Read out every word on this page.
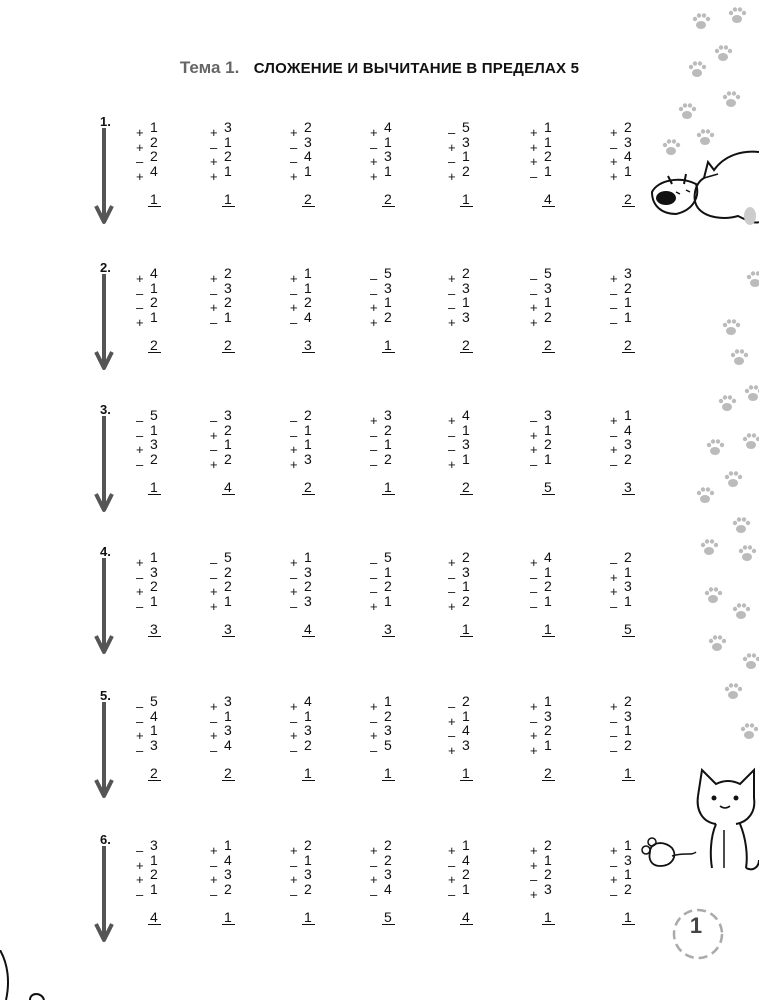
Тема 1. СЛОЖЕНИЕ И ВЫЧИТАНИЕ В ПРЕДЕЛАХ 5
1.
+ 1
+ 2
– 2
+ 4
1
+ 3
– 1
+ 2
+ 1
1
+ 2
– 3
– 4
+ 1
2
+ 4
– 1
+ 3
+ 1
2
– 5
+ 3
– 1
+ 2
1
+ 1
+ 1
+ 2
– 1
4
+ 2
– 3
+ 4
+ 1
2
2.
+ 4
– 1
– 2
+ 1
2
+ 2
– 3
+ 2
– 1
2
+ 1
– 1
+ 2
– 4
3
– 5
– 3
+ 1
+ 2
1
+ 2
– 3
– 1
+ 3
2
– 5
– 3
+ 1
+ 2
2
+ 3
– 2
– 1
– 1
2
3.
– 5
– 1
+ 3
– 2
1
– 3
+ 2
– 1
+ 2
4
– 2
– 1
+ 1
+ 3
2
+ 3
– 2
– 1
– 2
1
+ 4
– 1
– 3
+ 1
2
– 3
+ 1
+ 2
– 1
5
+ 1
– 4
+ 3
– 2
3
4.
+ 1
– 3
+ 2
– 1
3
– 5
– 2
+ 2
+ 1
3
+ 1
– 3
+ 2
– 3
4
– 5
– 1
– 2
+ 1
3
+ 2
– 3
– 1
+ 2
1
+ 4
– 1
– 2
– 1
1
– 2
+ 1
+ 3
– 1
5
5.
– 5
– 4
+ 1
– 3
2
+ 3
– 1
+ 3
– 4
2
+ 4
– 1
+ 3
– 2
1
+ 1
– 2
+ 3
– 5
1
– 2
+ 1
– 4
+ 3
1
+ 1
– 3
+ 2
+ 1
2
+ 2
– 3
– 1
– 2
1
6.
– 3
+ 1
+ 2
– 1
4
+ 1
– 4
+ 3
– 2
1
+ 2
– 1
+ 3
– 2
1
+ 2
– 2
+ 3
– 4
5
+ 1
– 4
+ 2
– 1
4
+ 2
+ 1
– 2
+ 3
1
+ 1
– 3
+ 1
– 2
1	1
